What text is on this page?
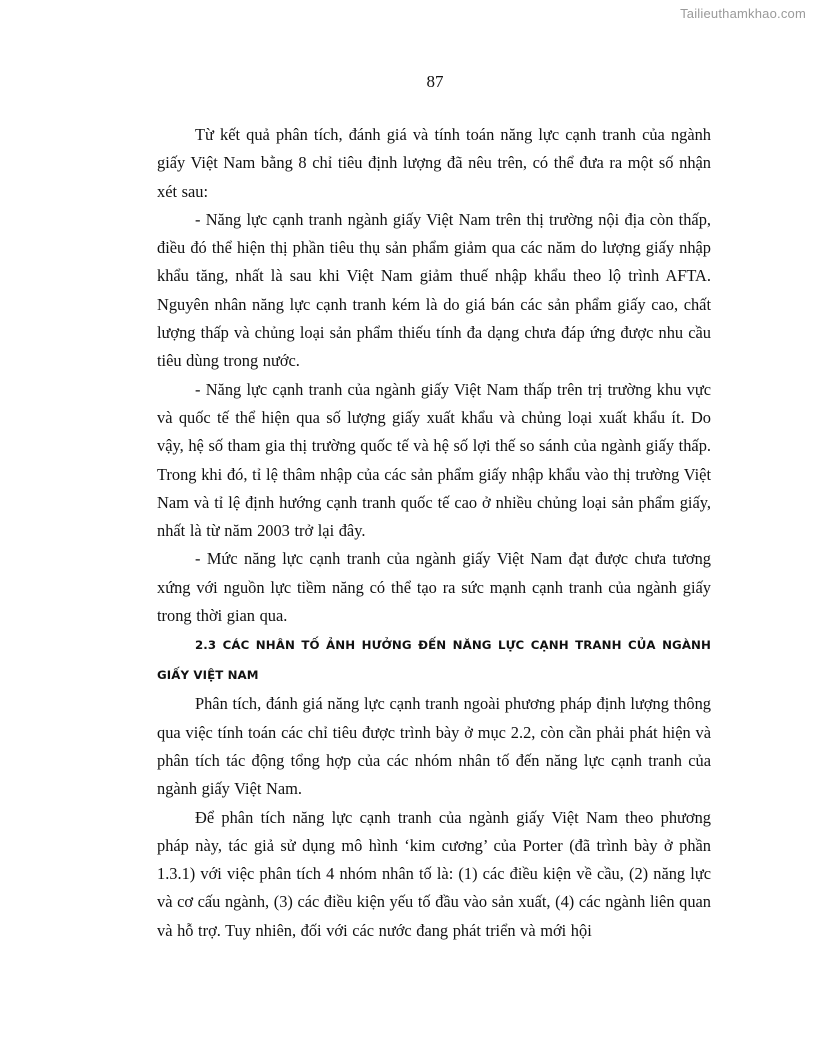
Tailieuthamkhao.com
87

Từ kết quả phân tích, đánh giá và tính toán năng lực cạnh tranh của ngành giấy Việt Nam bằng 8 chỉ tiêu định lượng đã nêu trên, có thể đưa ra một số nhận xét sau:

- Năng lực cạnh tranh ngành giấy Việt Nam trên thị trường nội địa còn thấp, điều đó thể hiện thị phần tiêu thụ sản phẩm giảm qua các năm do lượng giấy nhập khẩu tăng, nhất là sau khi Việt Nam giảm thuế nhập khẩu theo lộ trình AFTA. Nguyên nhân năng lực cạnh tranh kém là do giá bán các sản phẩm giấy cao, chất lượng thấp và chủng loại sản phẩm thiếu tính đa dạng chưa đáp ứng được nhu cầu tiêu dùng trong nước.

- Năng lực cạnh tranh của ngành giấy Việt Nam thấp trên trị trường khu vực và quốc tế thể hiện qua số lượng giấy xuất khẩu và chủng loại xuất khẩu ít. Do vậy, hệ số tham gia thị trường quốc tế và hệ số lợi thế so sánh của ngành giấy thấp. Trong khi đó, tỉ lệ thâm nhập của các sản phẩm giấy nhập khẩu vào thị trường Việt Nam và tỉ lệ định hướng cạnh tranh quốc tế cao ở nhiều chủng loại sản phẩm giấy, nhất là từ năm 2003 trở lại đây.

- Mức năng lực cạnh tranh của ngành giấy Việt Nam đạt được chưa tương xứng với nguồn lực tiềm năng có thể tạo ra sức mạnh cạnh tranh của ngành giấy trong thời gian qua.

2.3 CÁC NHÂN TỐ ẢNH HƯỞNG ĐẾN NĂNG LỰC CẠNH TRANH CỦA NGÀNH GIẤY VIỆT NAM

Phân tích, đánh giá năng lực cạnh tranh ngoài phương pháp định lượng thông qua việc tính toán các chỉ tiêu được trình bày ở mục 2.2, còn cần phải phát hiện và phân tích tác động tổng hợp của các nhóm nhân tố đến năng lực cạnh tranh của ngành giấy Việt Nam.

Để phân tích năng lực cạnh tranh của ngành giấy Việt Nam theo phương pháp này, tác giả sử dụng mô hình ‘kim cương’ của Porter (đã trình bày ở phần 1.3.1) với việc phân tích 4 nhóm nhân tố là: (1) các điều kiện về cầu, (2) năng lực và cơ cấu ngành, (3) các điều kiện yếu tố đầu vào sản xuất, (4) các ngành liên quan và hỗ trợ. Tuy nhiên, đối với các nước đang phát triển và mới hội
